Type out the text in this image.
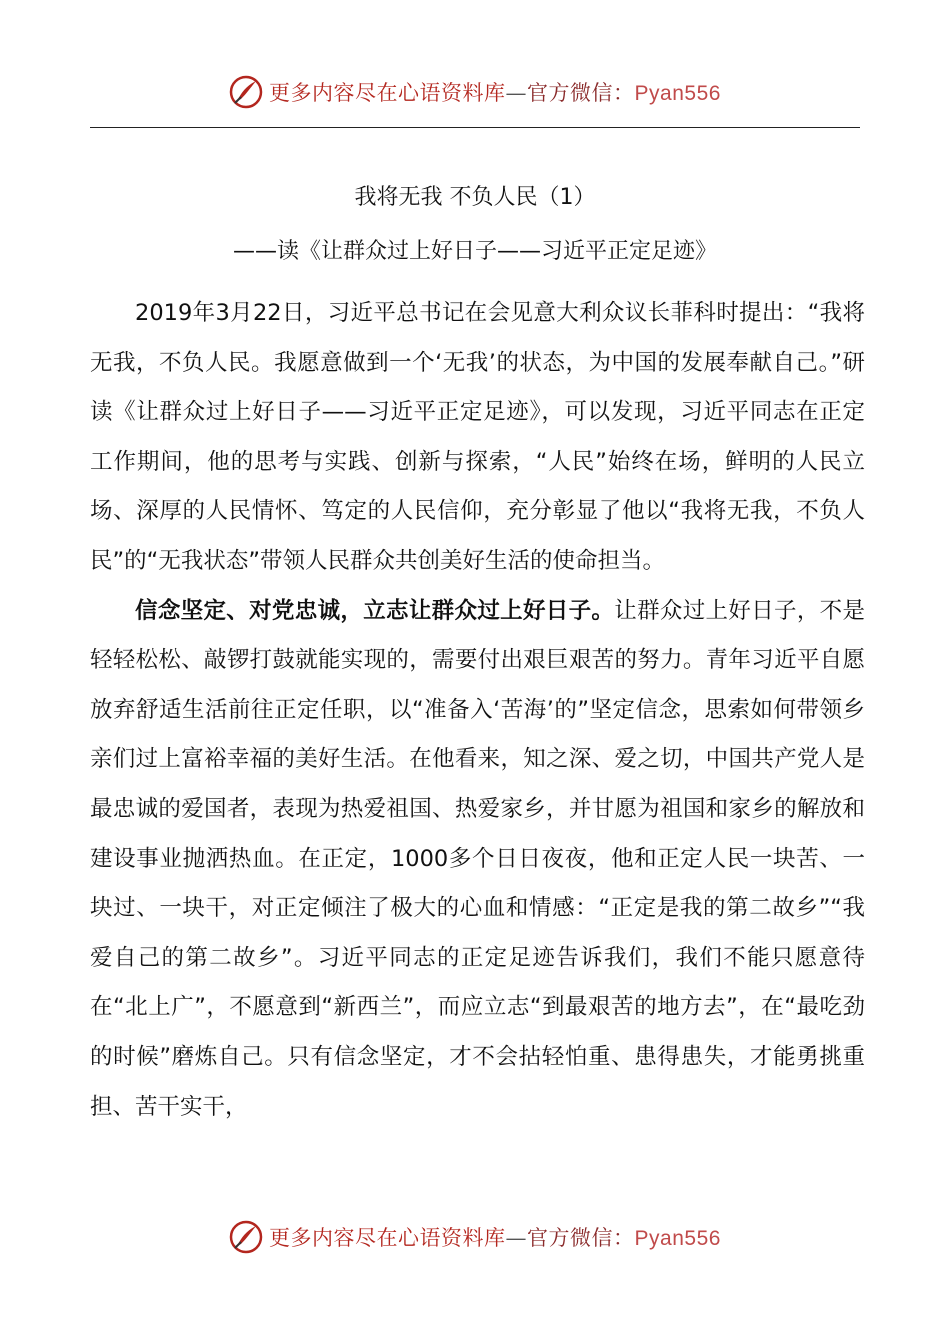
更多内容尽在心语资料库—官方微信：Pyan556
我将无我 不负人民（1）
——读《让群众过上好日子——习近平正定足迹》

2019年3月22日，习近平总书记在会见意大利众议长菲科时提出：“我将无我，不负人民。我愿意做到一个‘无我’的状态，为中国的发展奉献自己。”研读《让群众过上好日子——习近平正定足迹》，可以发现，习近平同志在正定工作期间，他的思考与实践、创新与探索，“人民”始终在场，鲜明的人民立场、深厚的人民情怀、笃定的人民信仰，充分彰显了他以“我将无我，不负人民”的“无我状态”带领人民群众共创美好生活的使命担当。

信念坚定、对党忠诚，立志让群众过上好日子。让群众过上好日子，不是轻轻松松、敲锣打鼓就能实现的，需要付出艰巨艰苦的努力。青年习近平自愿放弃舒适生活前往正定任职，以“准备入‘苦海’的”坚定信念，思索如何带领乡亲们过上富裕幸福的美好生活。在他看来，知之深、爱之切，中国共产党人是最忠诚的爱国者，表现为热爱祖国、热爱家乡，并甘愿为祖国和家乡的解放和建设事业抛洒热血。在正定，1000多个日日夜夜，他和正定人民一块苦、一块过、一块干，对正定倾注了极大的心血和情感：“正定是我的第二故乡”“我爱自己的第二故乡”。习近平同志的正定足迹告诉我们，我们不能只愿意待在“北上广”，不愿意到“新西兰”，而应立志“到最艰苦的地方去”，在“最吃劲的时候”磨炼自己。只有信念坚定，才不会拈轻怕重、患得患失，才能勇挑重担、苦干实干，

更多内容尽在心语资料库—官方微信：Pyan556
